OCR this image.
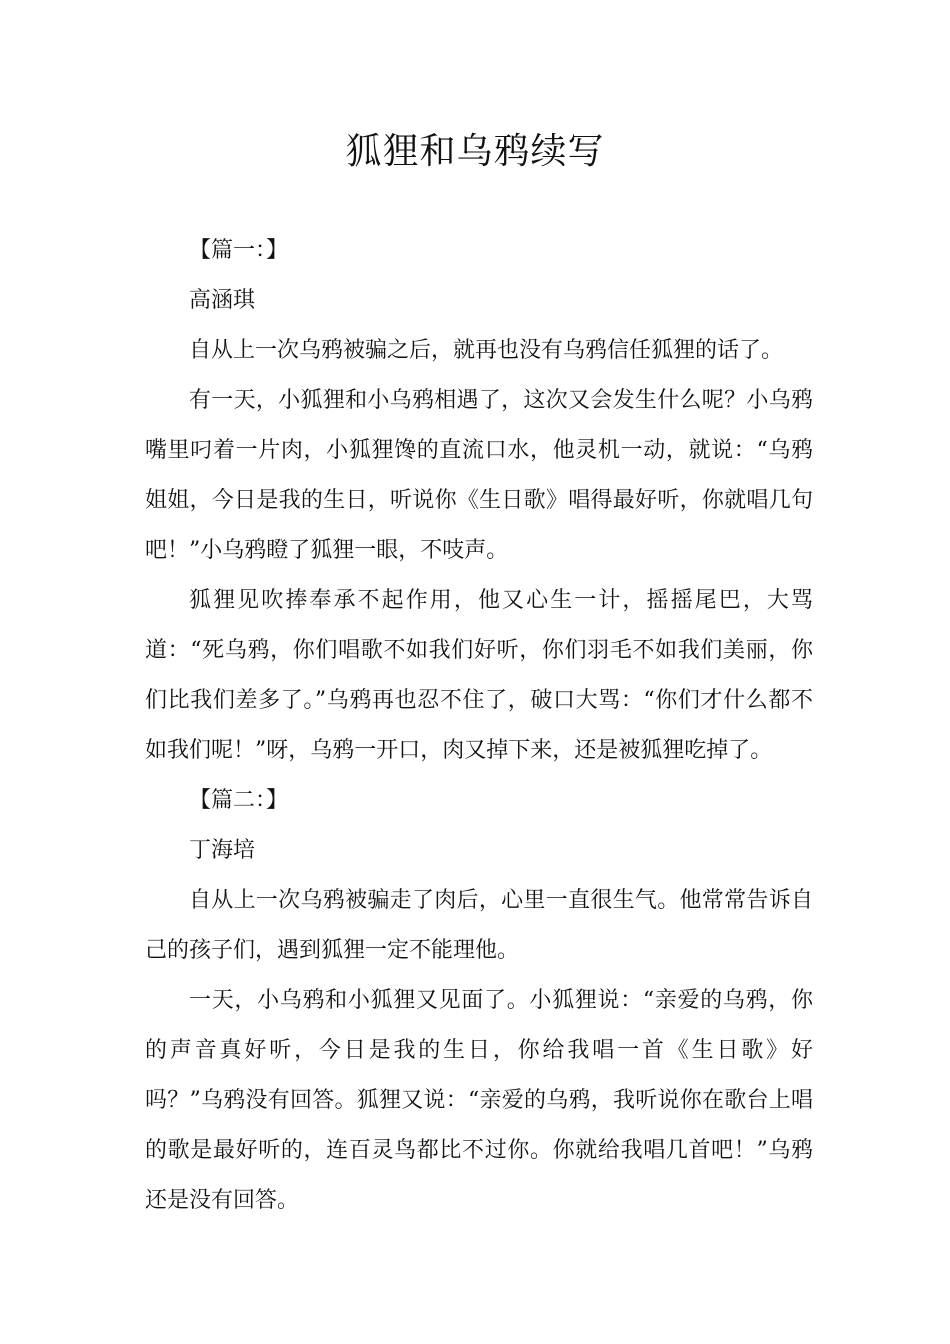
狐狸和乌鸦续写

【篇一：】

高涵琪

自从上一次乌鸦被骗之后，就再也没有乌鸦信任狐狸的话了。

有一天，小狐狸和小乌鸦相遇了，这次又会发生什么呢？小乌鸦嘴里叼着一片肉，小狐狸馋的直流口水，他灵机一动，就说：“乌鸦姐姐，今日是我的生日，听说你《生日歌》唱得最好听，你就唱几句吧！”小乌鸦瞪了狐狸一眼，不吱声。

狐狸见吹捧奉承不起作用，他又心生一计，摇摇尾巴，大骂道：“死乌鸦，你们唱歌不如我们好听，你们羽毛不如我们美丽，你们比我们差多了。”乌鸦再也忍不住了，破口大骂：“你们才什么都不如我们呢！”呀，乌鸦一开口，肉又掉下来，还是被狐狸吃掉了。

【篇二：】

丁海培

自从上一次乌鸦被骗走了肉后，心里一直很生气。他常常告诉自己的孩子们，遇到狐狸一定不能理他。

一天，小乌鸦和小狐狸又见面了。小狐狸说：“亲爱的乌鸦，你的声音真好听，今日是我的生日，你给我唱一首《生日歌》好吗？”乌鸦没有回答。狐狸又说：“亲爱的乌鸦，我听说你在歌台上唱的歌是最好听的，连百灵鸟都比不过你。你就给我唱几首吧！”乌鸦还是没有回答。
